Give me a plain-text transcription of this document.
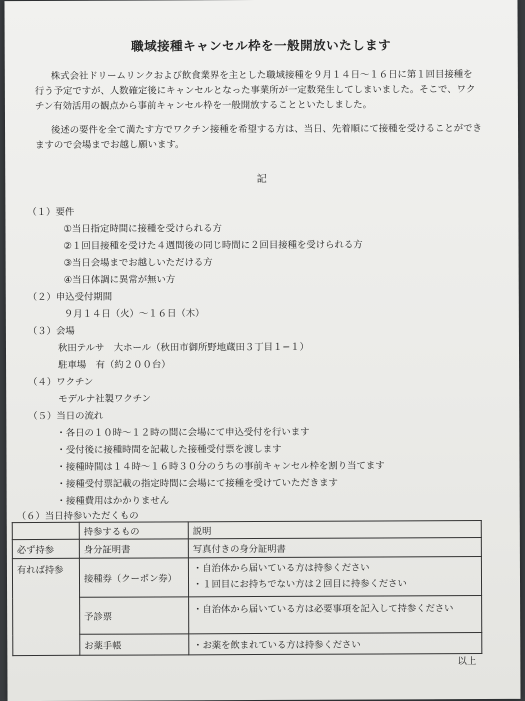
職域接種キャンセル枠を一般開放いたします
株式会社ドリームリンクおよび飲食業界を主とした職域接種を９月１４日〜１６日に第１回目接種を
行う予定ですが、人数確定後にキャンセルとなった事業所が一定数発生してしまいました。そこで、ワク
チン有効活用の観点から事前キャンセル枠を一般開放することといたしました。
後述の要件を全て満たす方でワクチン接種を希望する方は、当日、先着順にて接種を受けることができ
ますので会場までお越し願います。
記
（１）要件
①当日指定時間に接種を受けられる方
②１回目接種を受けた４週間後の同じ時間に２回目接種を受けられる方
③当日会場までお越しいただける方
④当日体調に異常が無い方
（２）申込受付期間
９月１４日（火）〜１６日（木）
（３）会場
秋田テルサ　大ホール（秋田市御所野地蔵田３丁目１−１）
駐車場　有（約２００台）
（４）ワクチン
モデルナ社製ワクチン
（５）当日の流れ
・各日の１０時〜１２時の間に会場にて申込受付を行います
・受付後に接種時間を記載した接種受付票を渡します
・接種時間は１４時〜１６時３０分のうちの事前キャンセル枠を割り当てます
・接種受付票記載の指定時間に会場にて接種を受けていただきます
・接種費用はかかりません
（６）当日持参いただくもの
	持参するもの	説明
必ず持参	身分証明書	写真付きの身分証明書

有れば持参	接種券（クーポン券）	・自治体から届いている方は持参ください
・１回目にお持ちでない方は２回目に持参ください

	予診票	・自治体から届いている方は必要事項を記入して持参ください

	お薬手帳	・お薬を飲まれている方は持参ください
以上
